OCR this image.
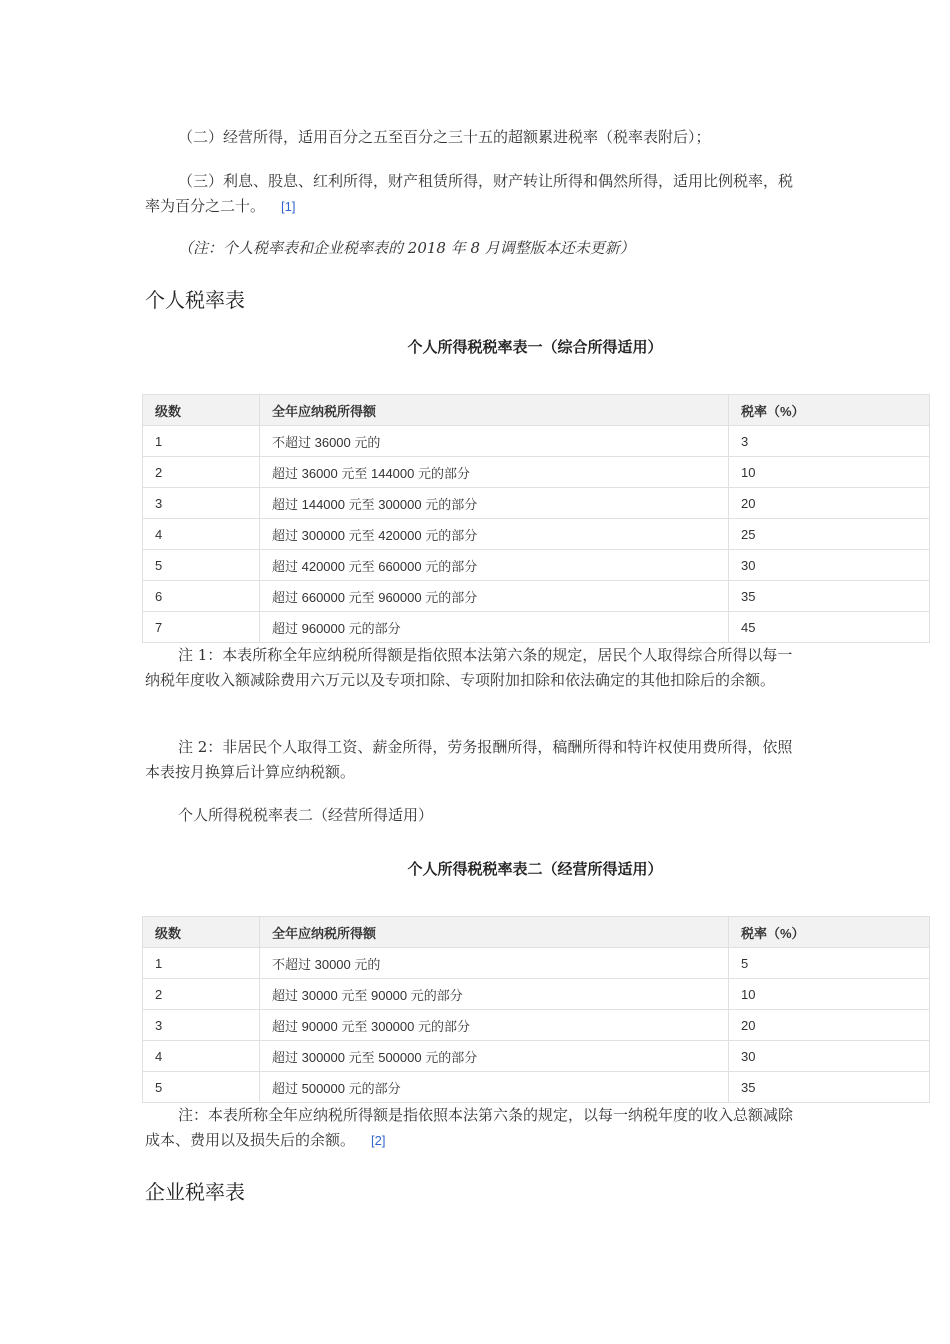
（二）经营所得，适用百分之五至百分之三十五的超额累进税率（税率表附后）；

（三）利息、股息、红利所得，财产租赁所得，财产转让所得和偶然所得，适用比例税率，税率为百分之二十。 [1]

（注：个人税率表和企业税率表的 2018 年 8 月调整版本还未更新）

个人税率表

个人所得税税率表一（综合所得适用）

级数	全年应纳税所得额	税率（%）
1	不超过 36000 元的	3
2	超过 36000 元至 144000 元的部分	10
3	超过 144000 元至 300000 元的部分	20
4	超过 300000 元至 420000 元的部分	25
5	超过 420000 元至 660000 元的部分	30
6	超过 660000 元至 960000 元的部分	35
7	超过 960000 元的部分	45

注 1：本表所称全年应纳税所得额是指依照本法第六条的规定，居民个人取得综合所得以每一纳税年度收入额减除费用六万元以及专项扣除、专项附加扣除和依法确定的其他扣除后的余额。

注 2：非居民个人取得工资、薪金所得，劳务报酬所得，稿酬所得和特许权使用费所得，依照本表按月换算后计算应纳税额。

个人所得税税率表二（经营所得适用）

个人所得税税率表二（经营所得适用）

级数	全年应纳税所得额	税率（%）
1	不超过 30000 元的	5
2	超过 30000 元至 90000 元的部分	10
3	超过 90000 元至 300000 元的部分	20
4	超过 300000 元至 500000 元的部分	30
5	超过 500000 元的部分	35

注：本表所称全年应纳税所得额是指依照本法第六条的规定，以每一纳税年度的收入总额减除成本、费用以及损失后的余额。 [2]

企业税率表
